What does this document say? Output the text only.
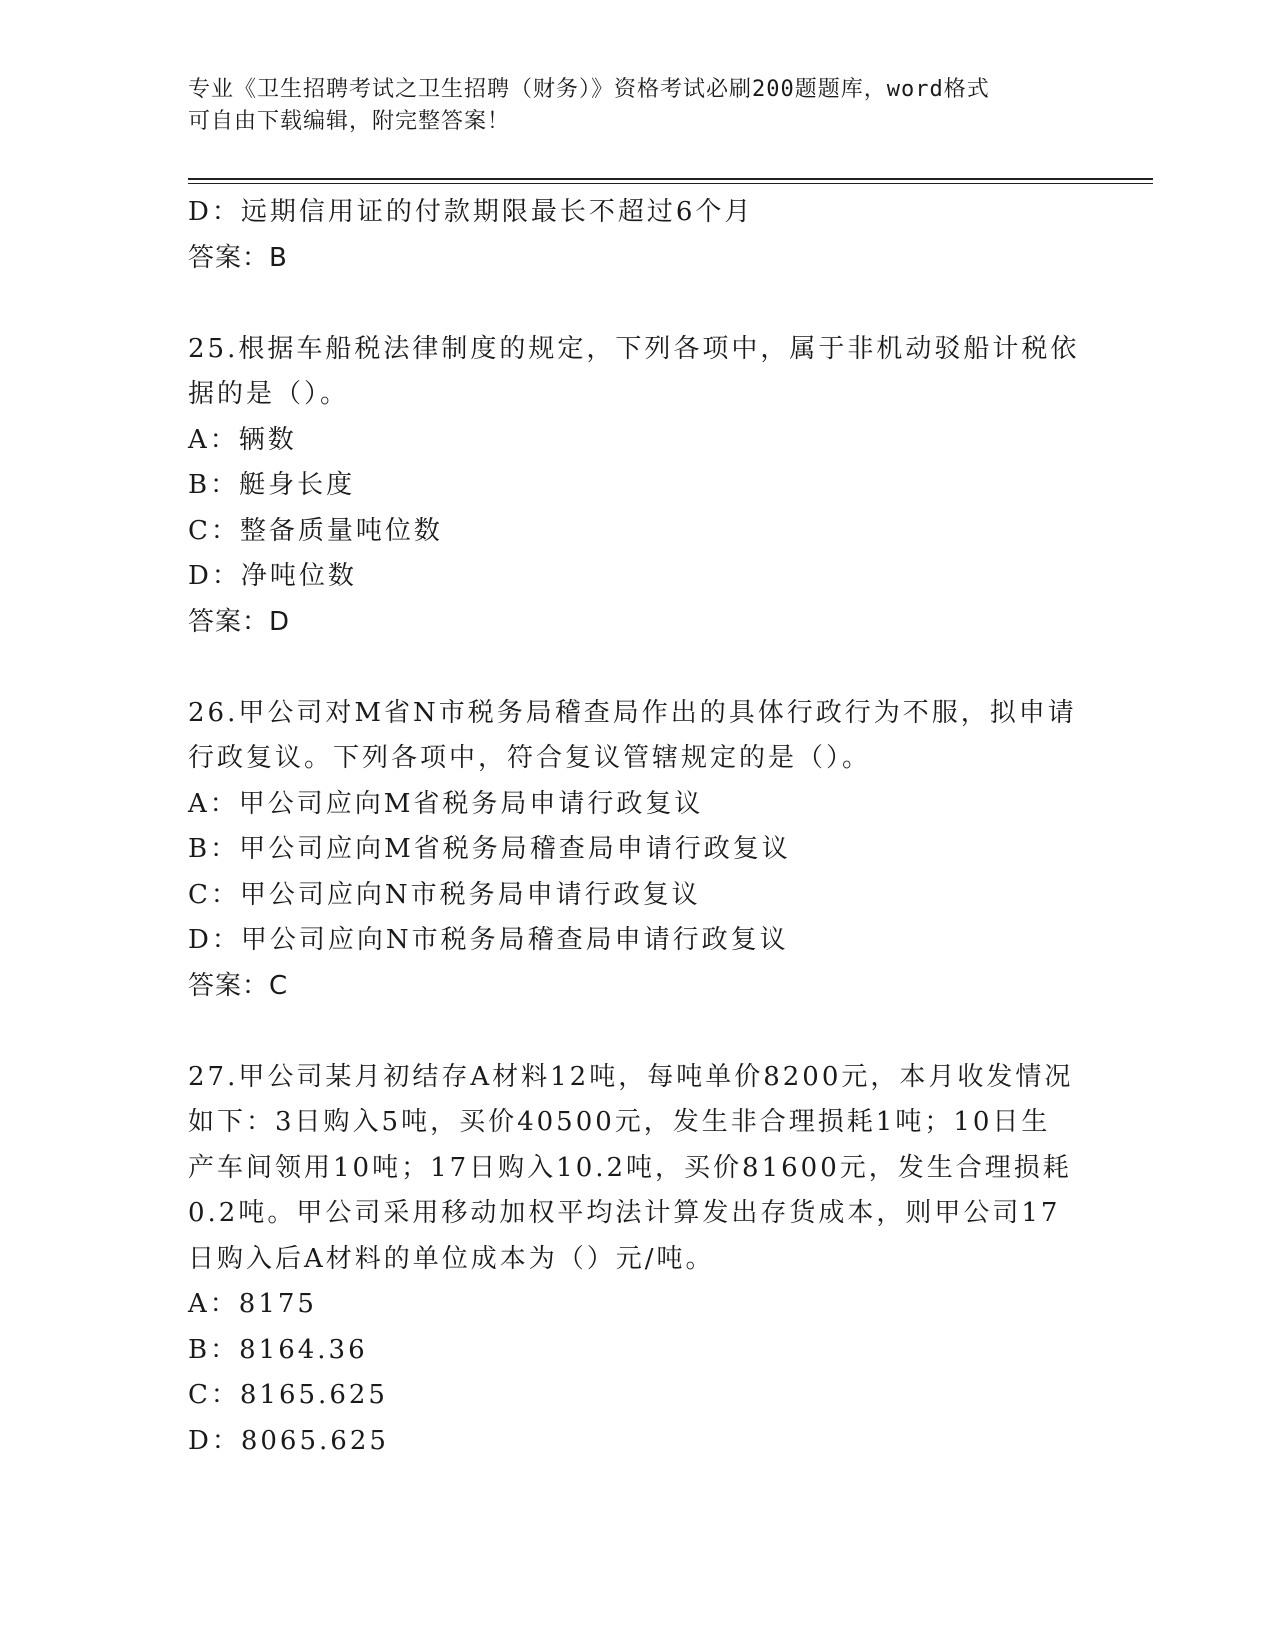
专业《卫生招聘考试之卫生招聘（财务）》资格考试必刷200题题库，word格式
可自由下载编辑，附完整答案！
D：远期信用证的付款期限最长不超过6个月
答案：B
25.根据车船税法律制度的规定，下列各项中，属于非机动驳船计税依
据的是（）。
A：辆数
B：艇身长度
C：整备质量吨位数
D：净吨位数
答案：D
26.甲公司对M省N市税务局稽查局作出的具体行政行为不服，拟申请
行政复议。下列各项中，符合复议管辖规定的是（）。
A：甲公司应向M省税务局申请行政复议
B：甲公司应向M省税务局稽查局申请行政复议
C：甲公司应向N市税务局申请行政复议
D：甲公司应向N市税务局稽查局申请行政复议
答案：C
27.甲公司某月初结存A材料12吨，每吨单价8200元，本月收发情况
如下：3日购入5吨，买价40500元，发生非合理损耗1吨；10日生
产车间领用10吨；17日购入10.2吨，买价81600元，发生合理损耗
0.2吨。甲公司采用移动加权平均法计算发出存货成本，则甲公司17
日购入后A材料的单位成本为（）元/吨。
A：8175
B：8164.36
C：8165.625
D：8065.625
